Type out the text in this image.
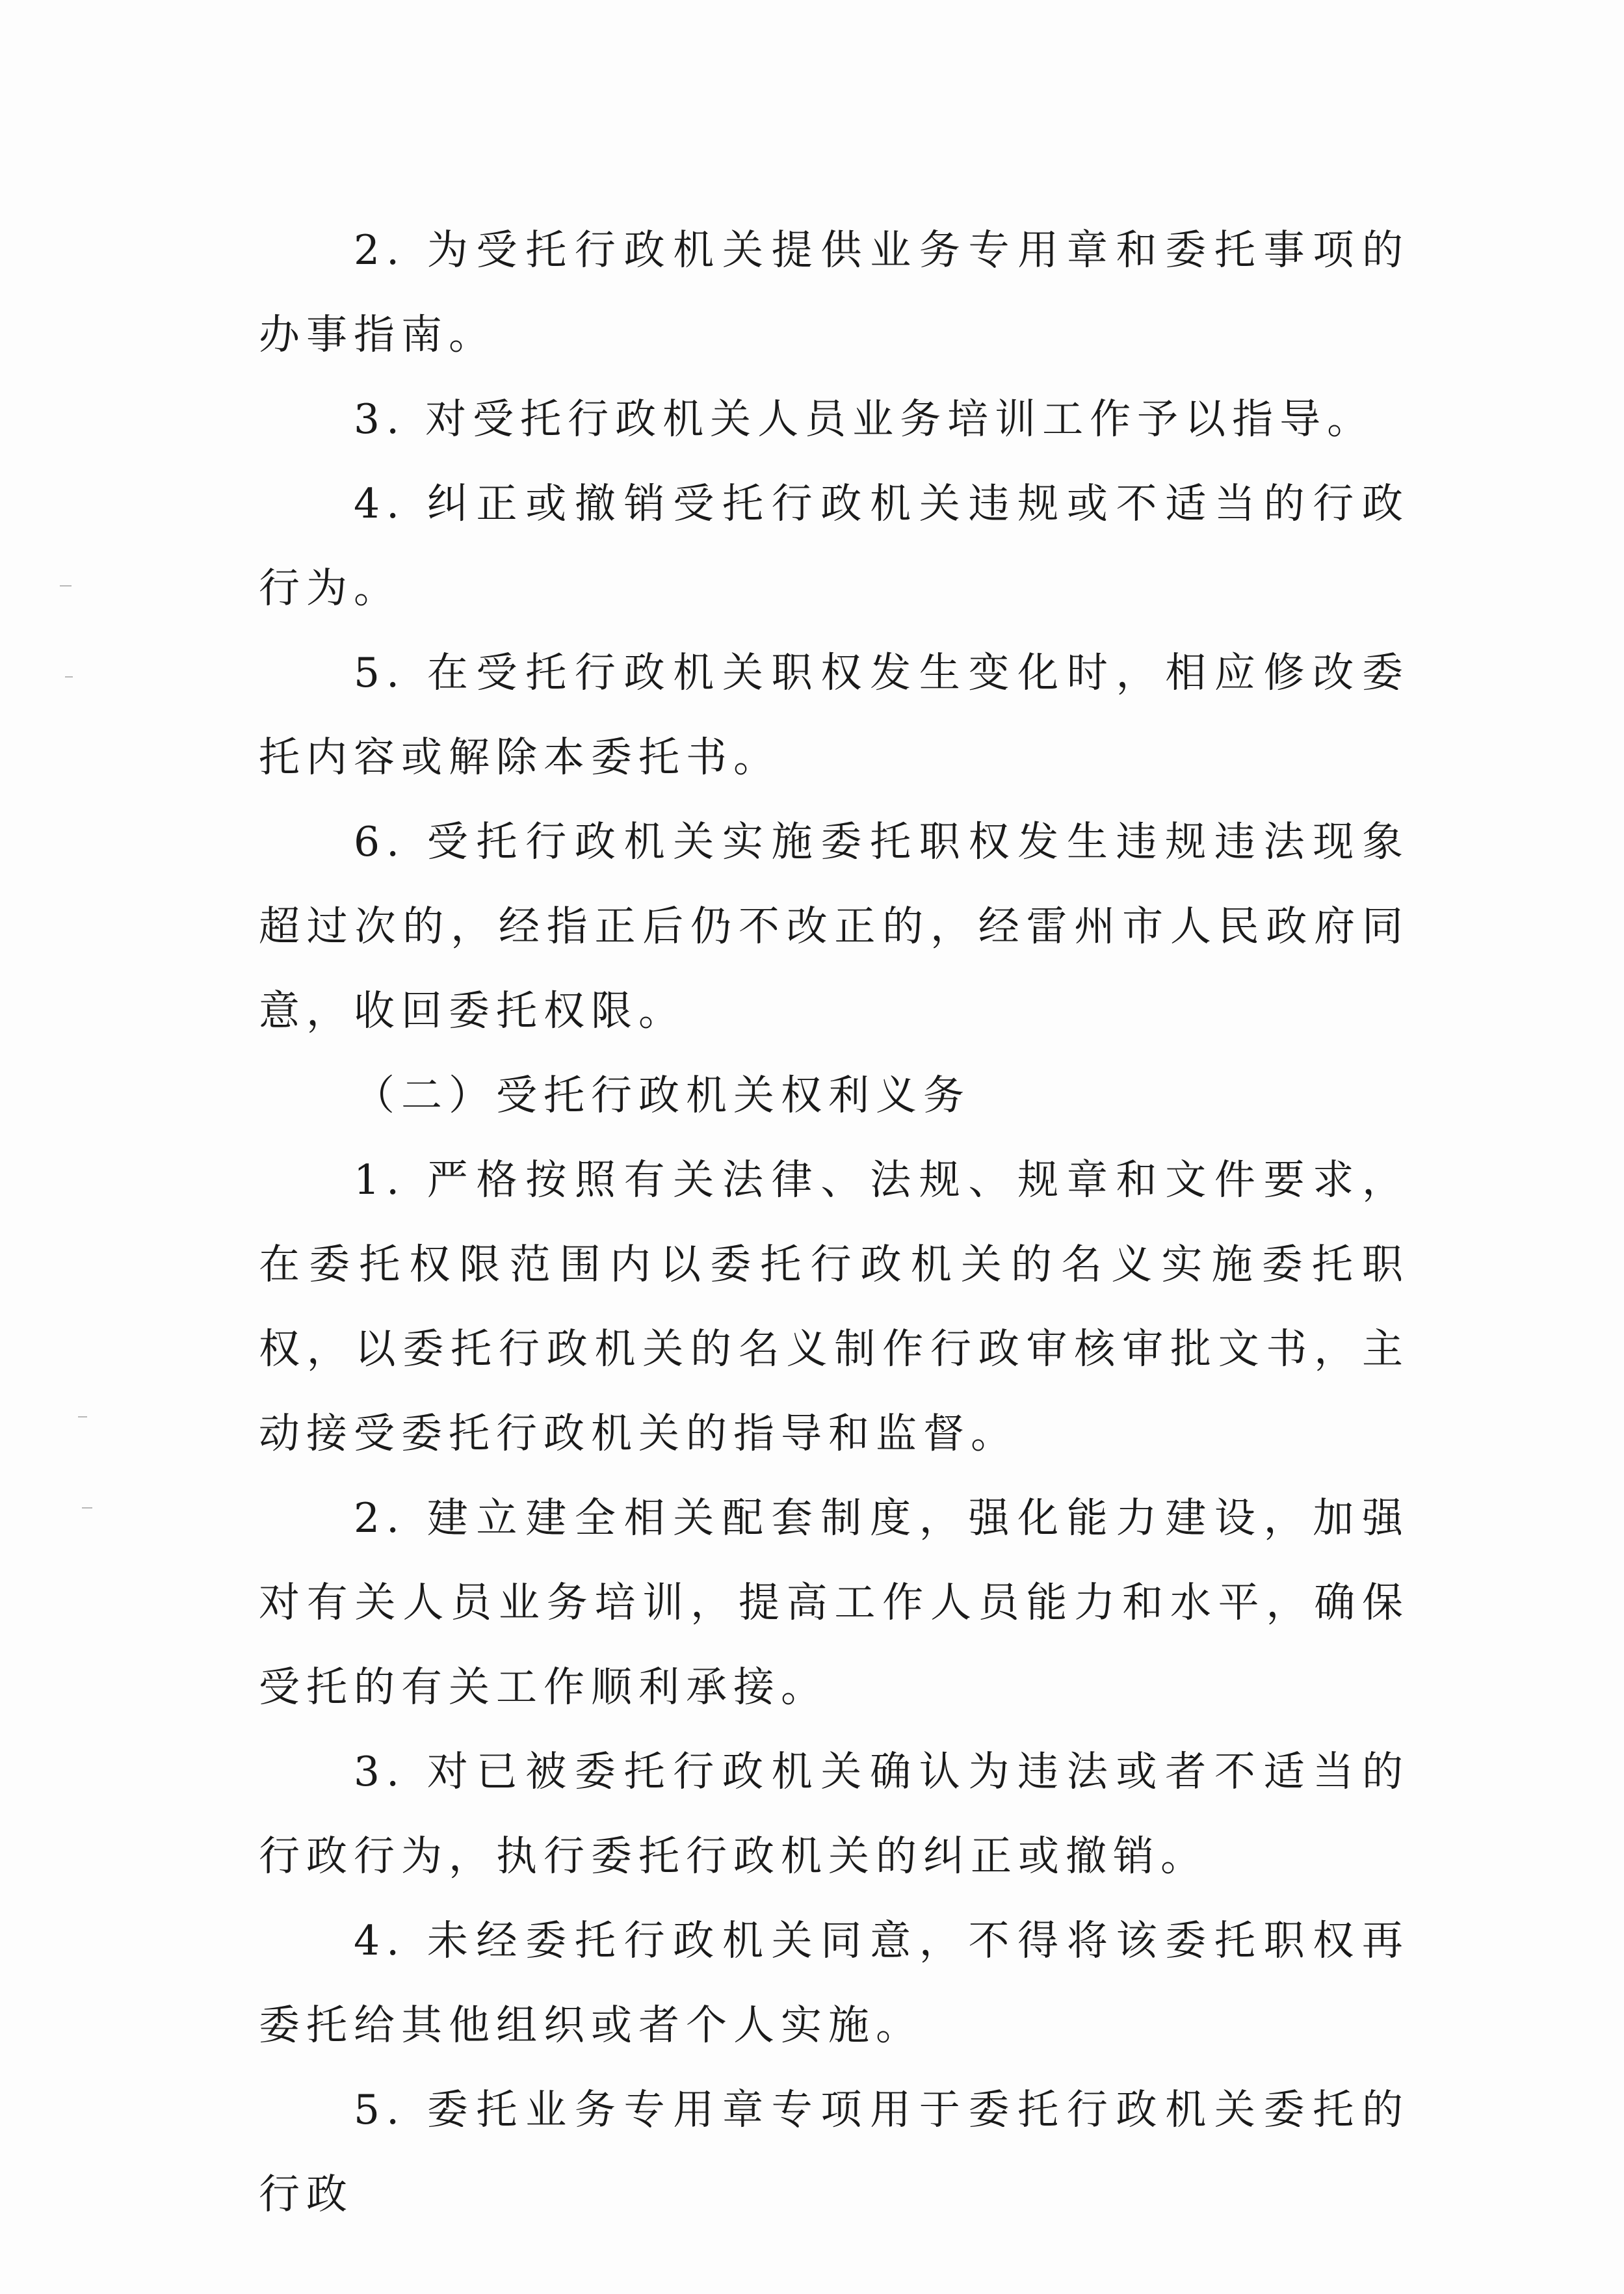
2. 为受托行政机关提供业务专用章和委托事项的办事指南。

3. 对受托行政机关人员业务培训工作予以指导。

4. 纠正或撤销受托行政机关违规或不适当的行政行为。

5. 在受托行政机关职权发生变化时，相应修改委托内容或解除本委托书。

6. 受托行政机关实施委托职权发生违规违法现象超过次的，经指正后仍不改正的，经雷州市人民政府同意，收回委托权限。

（二）受托行政机关权利义务

1. 严格按照有关法律、法规、规章和文件要求，在委托权限范围内以委托行政机关的名义实施委托职权，以委托行政机关的名义制作行政审核审批文书，主动接受委托行政机关的指导和监督。

2. 建立建全相关配套制度，强化能力建设，加强对有关人员业务培训，提高工作人员能力和水平，确保受托的有关工作顺利承接。

3. 对已被委托行政机关确认为违法或者不适当的行政行为，执行委托行政机关的纠正或撤销。

4. 未经委托行政机关同意，不得将该委托职权再委托给其他组织或者个人实施。

5. 委托业务专用章专项用于委托行政机关委托的行政
